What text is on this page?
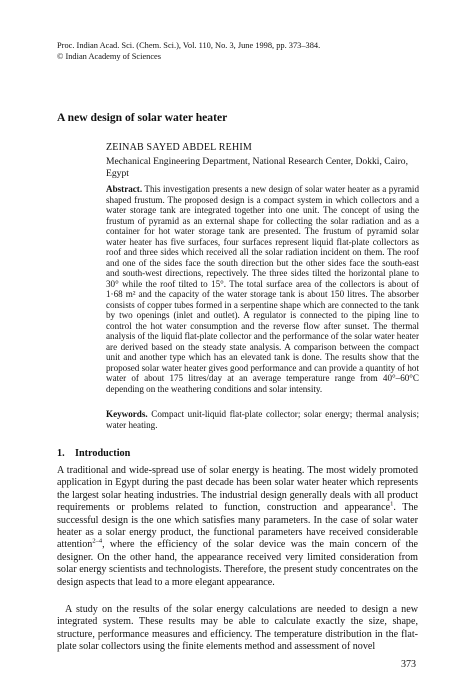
Proc. Indian Acad. Sci. (Chem. Sci.), Vol. 110, No. 3, June 1998, pp. 373–384.
© Indian Academy of Sciences
A new design of solar water heater
ZEINAB SAYED ABDEL REHIM
Mechanical Engineering Department, National Research Center, Dokki, Cairo, Egypt
Abstract. This investigation presents a new design of solar water heater as a pyramid shaped frustum. The proposed design is a compact system in which collectors and a water storage tank are integrated together into one unit. The concept of using the frustum of pyramid as an external shape for collecting the solar radiation and as a container for hot water storage tank are presented. The frustum of pyramid solar water heater has five surfaces, four surfaces represent liquid flat-plate collectors as roof and three sides which received all the solar radiation incident on them. The roof and one of the sides face the south direction but the other sides face the south-east and south-west directions, repectively. The three sides tilted the horizontal plane to 30° while the roof tilted to 15°. The total surface area of the collectors is about of 1·68 m² and the capacity of the water storage tank is about 150 litres. The absorber consists of copper tubes formed in a serpentine shape which are connected to the tank by two openings (inlet and outlet). A regulator is connected to the piping line to control the hot water consumption and the reverse flow after sunset. The thermal analysis of the liquid flat-plate collector and the performance of the solar water heater are derived based on the steady state analysis. A comparison between the compact unit and another type which has an elevated tank is done. The results show that the proposed solar water heater gives good performance and can provide a quantity of hot water of about 175 litres/day at an average temperature range from 40°–60°C depending on the weathering conditions and solar intensity.
Keywords. Compact unit-liquid flat-plate collector; solar energy; thermal analysis; water heating.
1. Introduction
A traditional and wide-spread use of solar energy is heating. The most widely promoted application in Egypt during the past decade has been solar water heater which represents the largest solar heating industries. The industrial design generally deals with all product requirements or problems related to function, construction and appearance$^1$. The successful design is the one which satisfies many parameters. In the case of solar water heater as a solar energy product, the functional parameters have received considerable attention$^{2-4}$, where the efficiency of the solar device was the main concern of the designer. On the other hand, the appearance received very limited consideration from solar energy scientists and technologists. Therefore, the present study concentrates on the design aspects that lead to a more elegant appearance.
A study on the results of the solar energy calculations are needed to design a new integrated system. These results may be able to calculate exactly the size, shape, structure, performance measures and efficiency. The temperature distribution in the flat-plate solar collectors using the finite elements method and assessment of novel
373
